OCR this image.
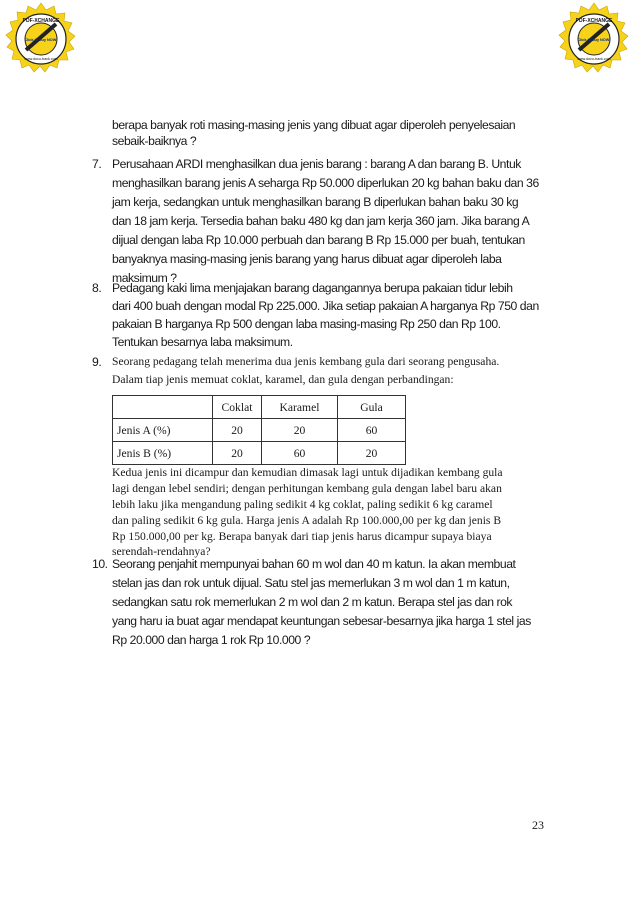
PDF-XCHANGE
www.docu-track.com
Click to buy NOW!
PDF-XCHANGE
www.docu-track.com
Click to buy NOW!
berapa banyak roti masing-masing jenis yang dibuat agar diperoleh penyelesaian
sebaik-baiknya ?
7. Perusahaan ARDI menghasilkan dua jenis barang : barang A dan barang B. Untuk
menghasilkan barang jenis A seharga Rp 50.000 diperlukan 20 kg bahan baku dan 36
jam kerja, sedangkan untuk menghasilkan barang B diperlukan bahan baku 30 kg
dan 18 jam kerja. Tersedia bahan baku 480 kg dan jam kerja 360 jam. Jika barang A
dijual dengan laba Rp 10.000 perbuah dan barang B Rp 15.000 per buah, tentukan
banyaknya masing-masing jenis barang yang harus dibuat agar diperoleh laba
maksimum ?
8. Pedagang kaki lima menjajakan barang dagangannya berupa pakaian tidur lebih
dari 400 buah dengan modal Rp 225.000. Jika setiap pakaian A harganya Rp 750 dan
pakaian B harganya Rp 500 dengan laba masing-masing Rp 250 dan Rp 100.
Tentukan besarnya laba maksimum.
9. Seorang pedagang telah menerima dua jenis kembang gula dari seorang pengusaha.
Dalam tiap jenis memuat coklat, karamel, dan gula dengan perbandingan:
	Coklat	Karamel	Gula
Jenis A (%)	20	20	60
Jenis B (%)	20	60	20
Kedua jenis ini dicampur dan kemudian dimasak lagi untuk dijadikan kembang gula
lagi dengan lebel sendiri; dengan perhitungan kembang gula dengan label baru akan
lebih laku jika mengandung paling sedikit 4 kg coklat, paling sedikit 6 kg caramel
dan paling sedikit 6 kg gula. Harga jenis A adalah Rp 100.000,00 per kg dan jenis B
Rp 150.000,00 per kg. Berapa banyak dari tiap jenis harus dicampur supaya biaya
serendah-rendahnya?
10. Seorang penjahit mempunyai bahan 60 m wol dan 40 m katun. Ia akan membuat
stelan jas dan rok untuk dijual. Satu stel jas memerlukan 3 m wol dan 1 m katun,
sedangkan satu rok memerlukan 2 m wol dan 2 m katun. Berapa stel jas dan rok
yang haru ia buat agar mendapat keuntungan sebesar-besarnya jika harga 1 stel jas
Rp 20.000 dan harga 1 rok Rp 10.000 ?
23
